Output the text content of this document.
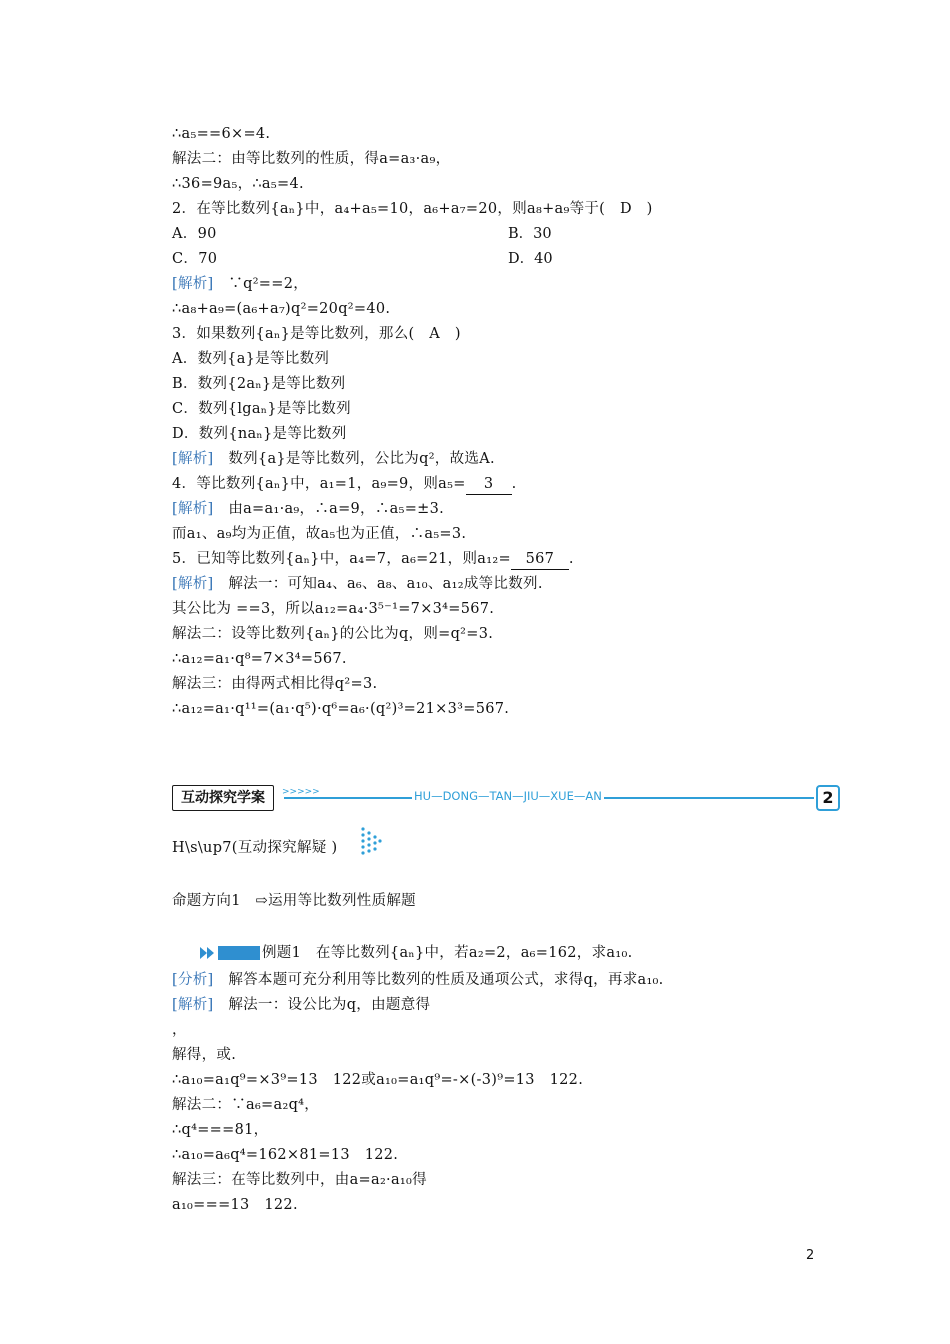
∴a₅==6×=4.
解法二：由等比数列的性质，得a=a₃·a₉，
∴36=9a₅，∴a₅=4.
2．在等比数列{aₙ}中，a₄+a₅=10，a₆+a₇=20，则a₈+a₉等于(　D　)
A．90	B．30
C．70	D．40
[解析]　∵q²==2，
∴a₈+a₉=(a₆+a₇)q²=20q²=40.
3．如果数列{aₙ}是等比数列，那么(　A　)
A．数列{a}是等比数列
B．数列{2aₙ}是等比数列
C．数列{lgaₙ}是等比数列
D．数列{naₙ}是等比数列
[解析]　数列{a}是等比数列，公比为q²，故选A.
4．等比数列{aₙ}中，a₁=1，a₉=9，则a₅= 3 .
[解析]　由a=a₁·a₉，∴a=9，∴a₅=±3.
而a₁、a₉均为正值，故a₅也为正值，∴a₅=3.
5．已知等比数列{aₙ}中，a₄=7，a₆=21，则a₁₂= 567 .
[解析]　解法一：可知a₄、a₆、a₈、a₁₀、a₁₂成等比数列.
其公比为 ==3，所以a₁₂=a₄·3⁵⁻¹=7×3⁴=567.
解法二：设等比数列{aₙ}的公比为q，则=q²=3.
∴a₁₂=a₁·q⁸=7×3⁴=567.
解法三：由得两式相比得q²=3.
∴a₁₂=a₁·q¹¹=(a₁·q⁵)·q⁶=a₆·(q²)³=21×3³=567.
互动探究学案	>>>>>	HU—DONG—TAN—JIU—XUE—AN	2
H\s\up7(互动探究解疑 )
命题方向1　⇨运用等比数列性质解题
例题1　在等比数列{aₙ}中，若a₂=2，a₆=162，求a₁₀.
[分析]　解答本题可充分利用等比数列的性质及通项公式，求得q，再求a₁₀.
[解析]　解法一：设公比为q，由题意得
，
解得，或.
∴a₁₀=a₁q⁹=×3⁹=13　122或a₁₀=a₁q⁹=-×(-3)⁹=13　122.
解法二：∵a₆=a₂q⁴，
∴q⁴===81，
∴a₁₀=a₆q⁴=162×81=13　122.
解法三：在等比数列中，由a=a₂·a₁₀得
a₁₀===13　122.
2
